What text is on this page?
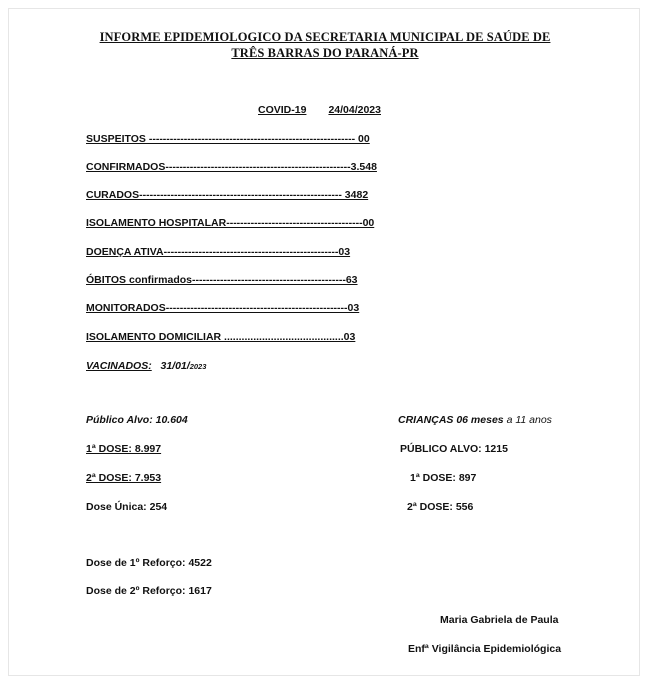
INFORME EPIDEMIOLOGICO DA SECRETARIA MUNICIPAL DE SAÚDE DE
TRÊS BARRAS DO PARANÁ-PR
COVID-19 24/04/2023
SUSPEITOS ----------------------------------------------------------- 00
CONFIRMADOS-----------------------------------------------------3.548
CURADOS---------------------------------------------------------- 3482
ISOLAMENTO HOSPITALAR---------------------------------------00
DOENÇA ATIVA--------------------------------------------------03
ÓBITOS confirmados--------------------------------------------63
MONITORADOS----------------------------------------------------03
ISOLAMENTO DOMICILIAR .........................................03
VACINADOS: 31/01/2023
Público Alvo: 10.604
1ª DOSE: 8.997
2ª DOSE: 7.953
Dose Única: 254
CRIANÇAS 06 meses a 11 anos
PÚBLICO ALVO: 1215
1ª DOSE: 897
2ª DOSE: 556
Dose de 1º Reforço: 4522
Dose de 2º Reforço: 1617
Maria Gabriela de Paula
Enfª Vigilância Epidemiológica
